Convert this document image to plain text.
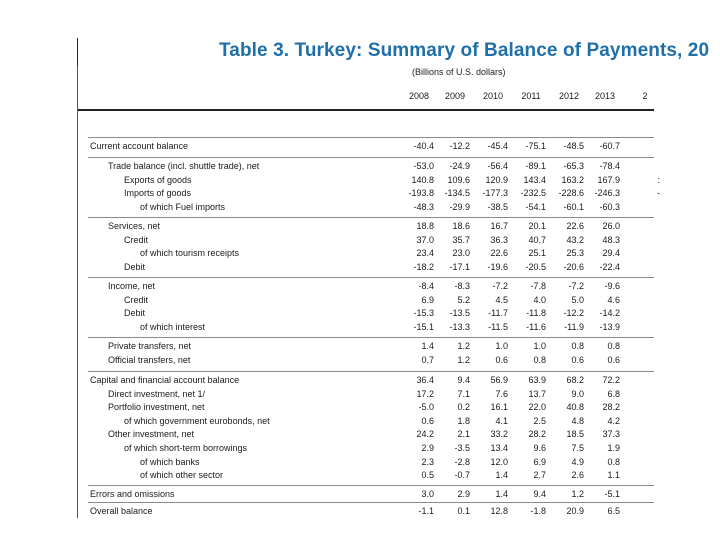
Table 3. Turkey: Summary of Balance of Payments, 20
(Billions of U.S. dollars)
2008	2009	2010	2011	2012	2013	2
Current account balance	-40.4	-12.2	-45.4	-75.1	-48.5	-60.7
Trade balance (incl. shuttle trade), net	-53.0	-24.9	-56.4	-89.1	-65.3	-78.4
Exports of goods	140.8	109.6	120.9	143.4	163.2	167.9	:
Imports of goods	-193.8	-134.5	-177.3	-232.5	-228.6	-246.3	-
of which Fuel imports	-48.3	-29.9	-38.5	-54.1	-60.1	-60.3
Services, net	18.8	18.6	16.7	20.1	22.6	26.0
Credit	37.0	35.7	36.3	40.7	43.2	48.3
of which tourism receipts	23.4	23.0	22.6	25.1	25.3	29.4
Debit	-18.2	-17.1	-19.6	-20.5	-20.6	-22.4
Income, net	-8.4	-8.3	-7.2	-7.8	-7.2	-9.6
Credit	6.9	5.2	4.5	4.0	5.0	4.6
Debit	-15.3	-13.5	-11.7	-11.8	-12.2	-14.2
of which interest	-15.1	-13.3	-11.5	-11.6	-11.9	-13.9
Private transfers, net	1.4	1.2	1.0	1.0	0.8	0.8
Official transfers, net	0.7	1.2	0.6	0.8	0.6	0.6
Capital and financial account balance	36.4	9.4	56.9	63.9	68.2	72.2
Direct investment, net 1/	17.2	7.1	7.6	13.7	9.0	6.8
Portfolio investment, net	-5.0	0.2	16.1	22.0	40.8	28.2
of which government eurobonds, net	0.6	1.8	4.1	2.5	4.8	4.2
Other investment, net	24.2	2.1	33.2	28.2	18.5	37.3
of which short-term borrowings	2.9	-3.5	13.4	9.6	7.5	1.9
of which banks	2.3	-2.8	12.0	6.9	4.9	0.8
of which other sector	0.5	-0.7	1.4	2.7	2.6	1.1
Errors and omissions	3.0	2.9	1.4	9.4	1.2	-5.1
Overall balance	-1.1	0.1	12.8	-1.8	20.9	6.5
